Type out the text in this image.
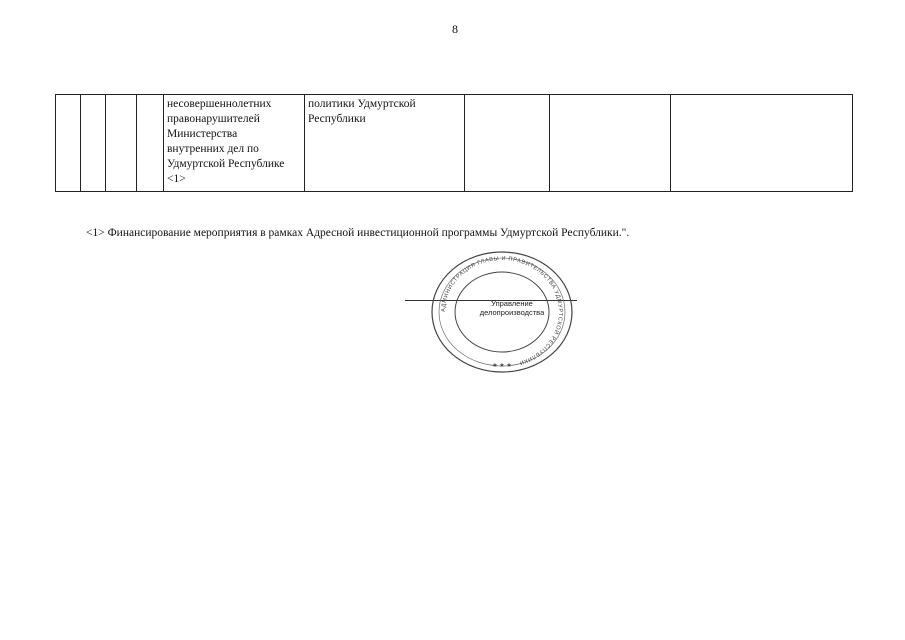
8
				несовершеннолетних
правонарушителей
Министерства
внутренних дел по
Удмуртской Республике
<1>	политики Удмуртской
Республики			
<1> Финансирование мероприятия в рамках Адресной инвестиционной программы Удмуртской Республики.".
АДМИНИСТРАЦИЯ ГЛАВЫ И ПРАВИТЕЛЬСТВА УДМУРТСКОЙ РЕСПУБЛИКИ
★ ★ ★
Управление
делопроизводства
